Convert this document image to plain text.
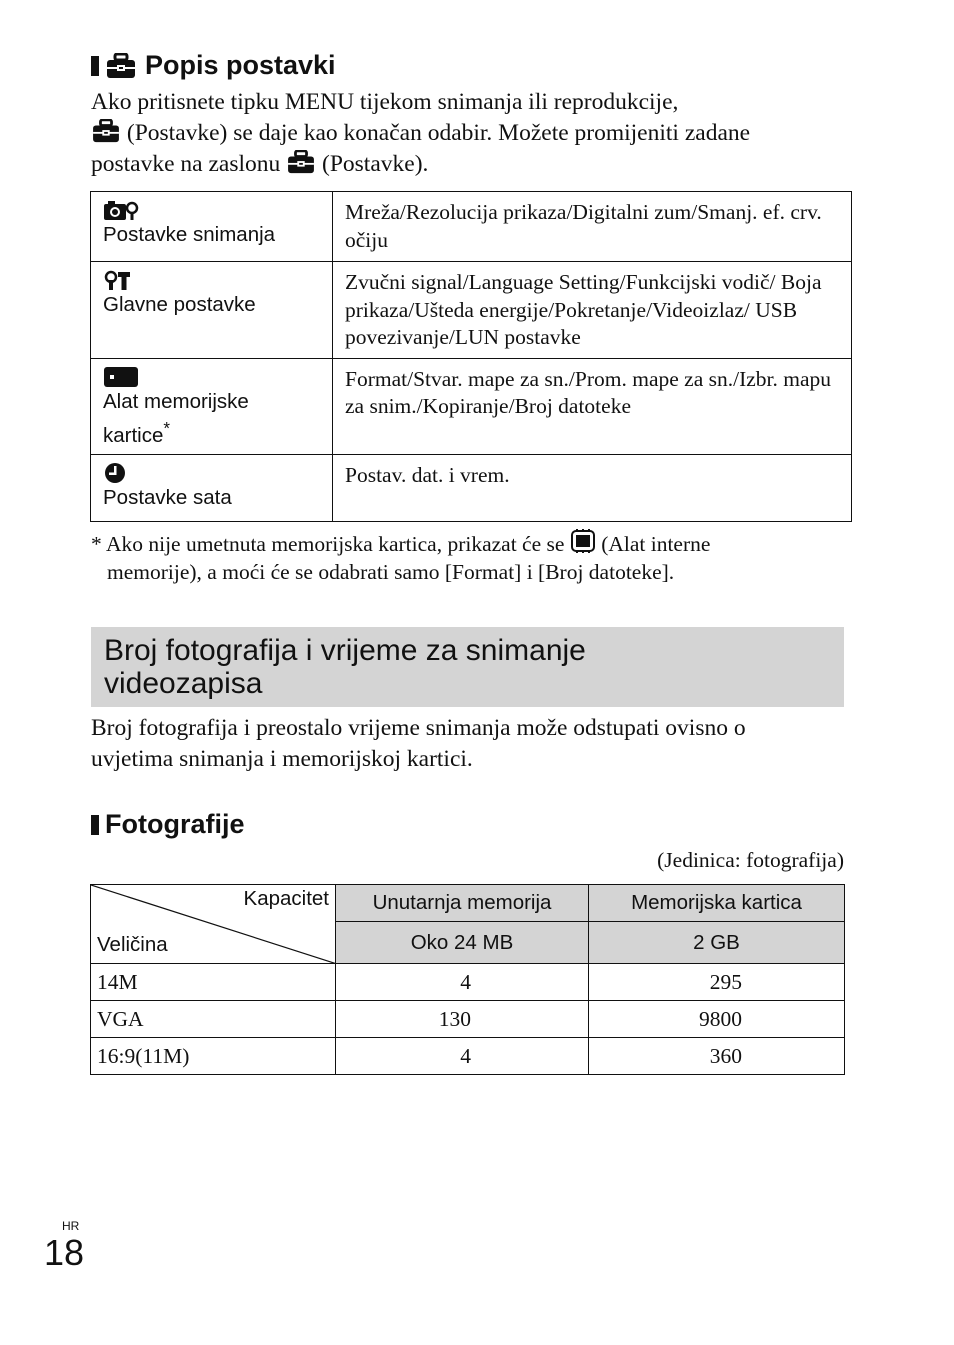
Popis postavki
Ako pritisnete tipku MENU tijekom snimanja ili reprodukcije,
(Postavke) se daje kao konačan odabir. Možete promijeniti zadane
postavke na zaslonu (Postavke).
Postavke snimanja	Mreža/Rezolucija prikaza/Digitalni zum/Smanj. ef. crv. očiju

Glavne postavke	Zvučni signal/Language Setting/Funkcijski vodič/ Boja prikaza/Ušteda energije/Pokretanje/Videoizlaz/ USB povezivanje/LUN postavke

Alat memorijske kartice*	Format/Stvar. mape za sn./Prom. mape za sn./Izbr. mapu za snim./Kopiranje/Broj datoteke

Postavke sata	Postav. dat. i vrem.
* Ako nije umetnuta memorijska kartica, prikazat će se (Alat interne
memorije), a moći će se odabrati samo [Format] i [Broj datoteke].
Broj fotografija i vrijeme za snimanje
videozapisa
Broj fotografija i preostalo vrijeme snimanja može odstupati ovisno o
uvjetima snimanja i memorijskoj kartici.
Fotografije
(Jedinica: fotografija)
Kapacitet
Veličina	Unutarnja memorija	Memorijska kartica
	Oko 24 MB	2 GB
14M	4	295
VGA	130	9800
16:9(11M)	4	360
HR
18
